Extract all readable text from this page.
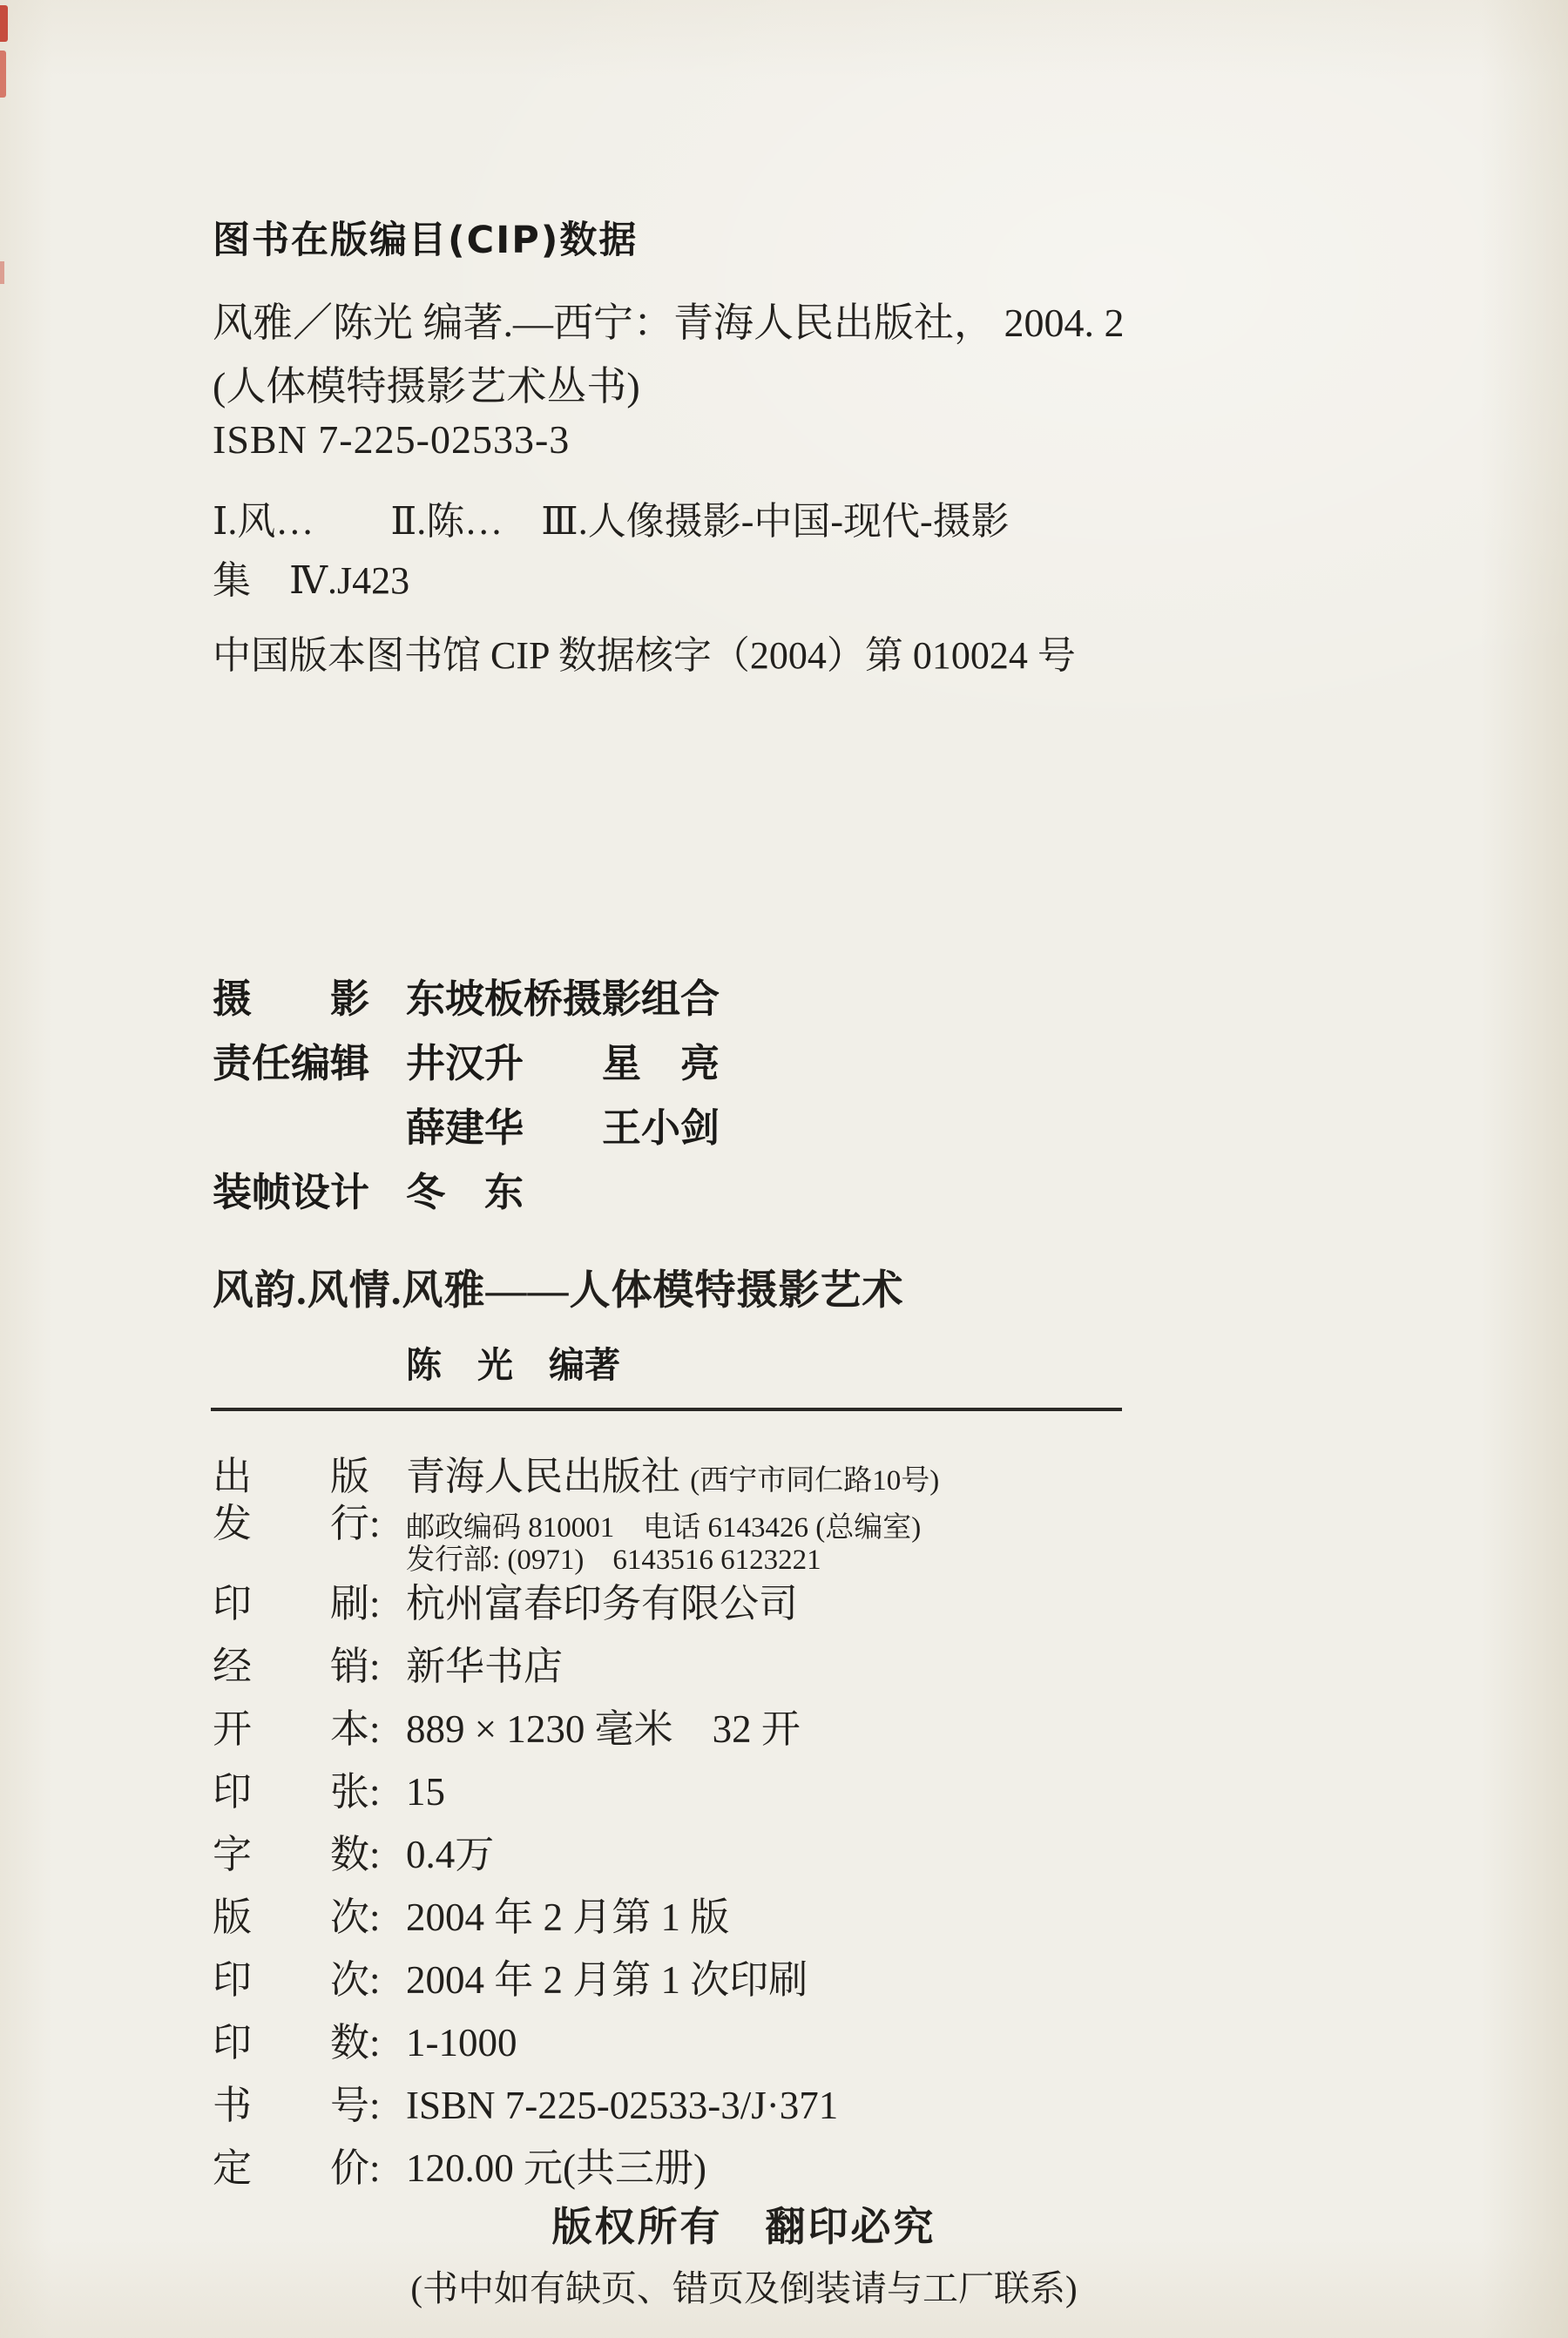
图书在版编目(CIP)数据
风雅／陈光 编著.—西宁：青海人民出版社， 2004. 2
(人体模特摄影艺术丛书)
ISBN 7-225-02533-3
Ⅰ.风…　　Ⅱ.陈…　Ⅲ.人像摄影-中国-现代-摄影
集　Ⅳ.J423
中国版本图书馆 CIP 数据核字（2004）第 010024 号
摄　　影 东坡板桥摄影组合
责任编辑 井汉升　　星　亮
薛建华　　王小剑
装帧设计 冬　东
风韵.风情.风雅——人体模特摄影艺术
陈　光　编著
出　　版 青海人民出版社 (西宁市同仁路10号)
发　　行: 邮政编码 810001　电话 6143426 (总编室)
发行部: (0971)　6143516 6123221
印　　刷: 杭州富春印务有限公司
经　　销: 新华书店
开　　本: 889 × 1230 毫米　32 开
印　　张: 15
字　　数: 0.4万
版　　次: 2004 年 2 月第 1 版
印　　次: 2004 年 2 月第 1 次印刷
印　　数: 1-1000
书　　号: ISBN 7-225-02533-3/J·371
定　　价: 120.00 元(共三册)
版权所有　翻印必究
(书中如有缺页、错页及倒装请与工厂联系)
